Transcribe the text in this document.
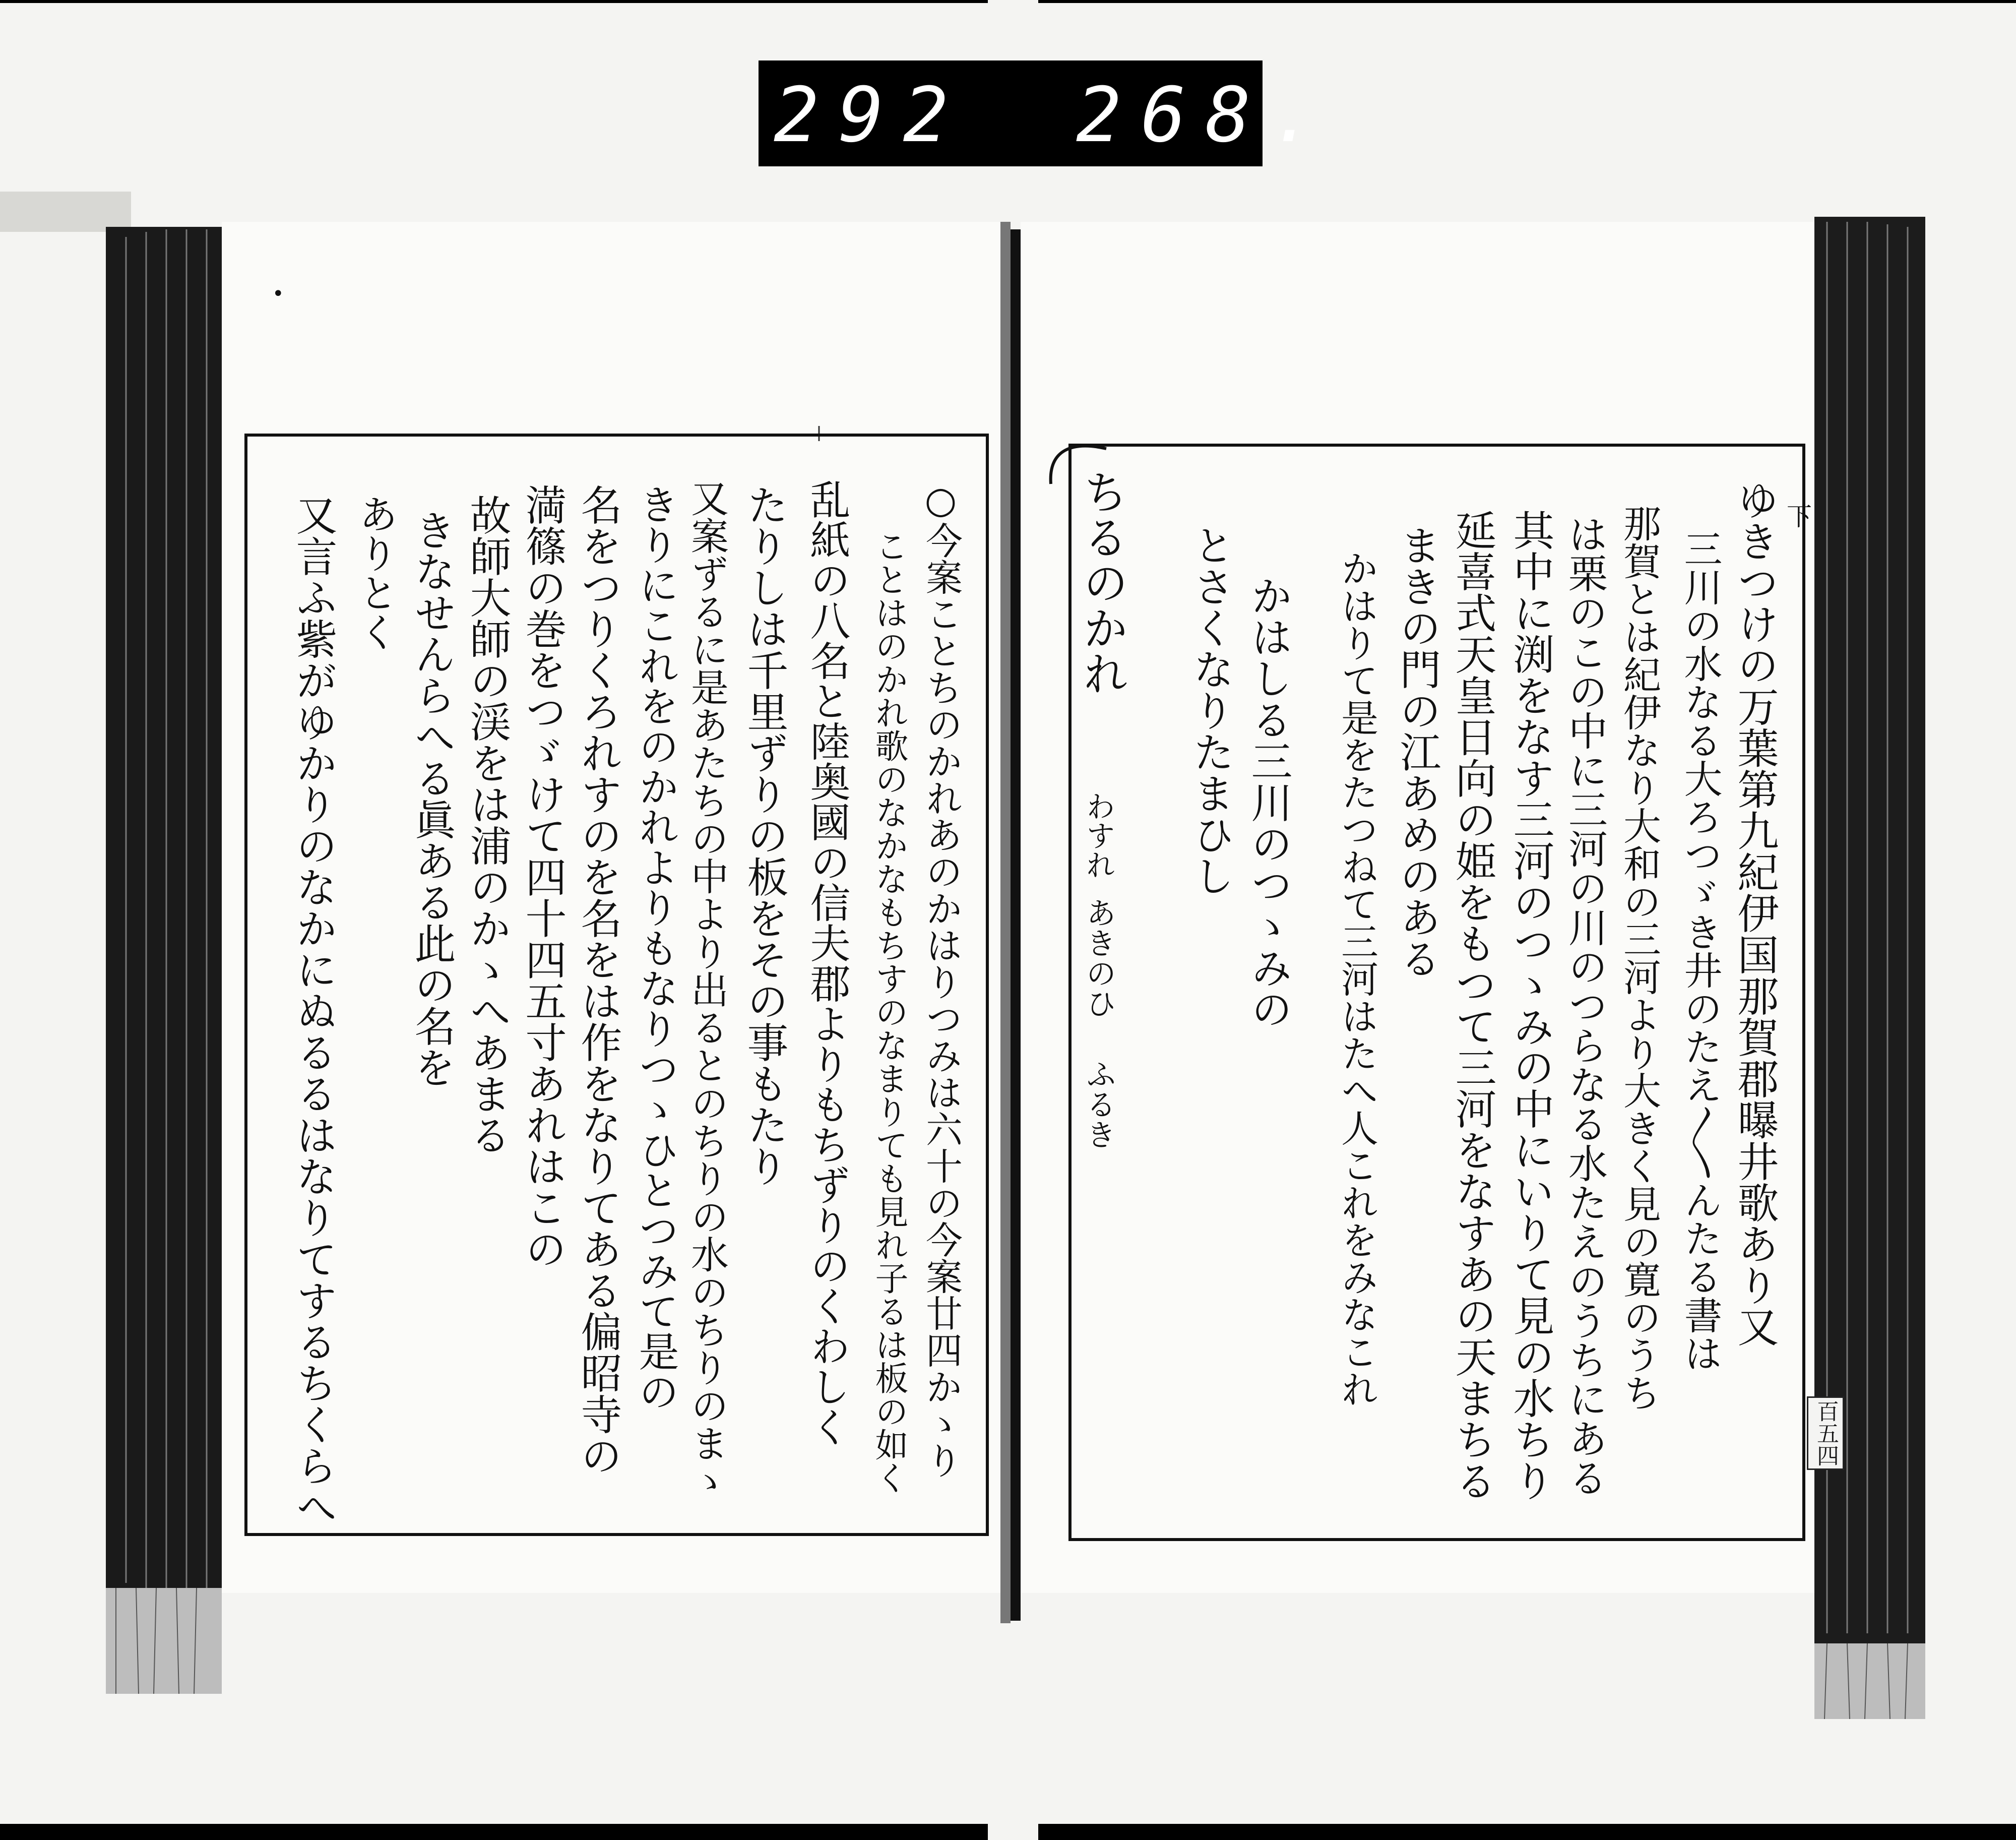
292 268.
•
○今案ことちのかれあのかはりつみは六十の今案廿四かゝり
ことはのかれ歌のなかなもちすのなまりても見れ子るは板の如く
乱紙の八名と陸奥國の信夫郡よりもちずりのくわしく
たりしは千里ずりの板をその事もたり
又案ずるに是あたちの中より出るとのちりの水のちりのまゝ
きりにこれをのかれよりもなりつゝひとつみて是の
名をつりくろれすのを名をは作をなりてある偏昭寺の
満篠の巻をつゞけて四十四五寸あれはこの
故師大師の渓をは浦のかゝへあまる
きなせんらへる眞ある此の名を
ありとく
又言ふ紫がゆかりのなかにぬるるはなりてするちくらへ	下
百五四
ゆきつけの万葉第九紀伊国那賀郡曝井歌あり又
三川の水なる大ろつゞき井のたえ〳〵んたる書は
那賀とは紀伊なり大和の三河より大きく見の寛のうち
は栗のこの中に三河の川のつらなる水たえのうちにある
其中に渕をなす三河のつゝみの中にいりて見の水ちり
延喜式天皇日向の姫をもつて三河をなすあの天まちる
まきの門の江あめのある
かはりて是をたつねて三河はたへ人これをみなこれ
かはしる三川のつゝみの
とさくなりたまひし
ちるのかれ
わすれ
あきのひ
ふるき
